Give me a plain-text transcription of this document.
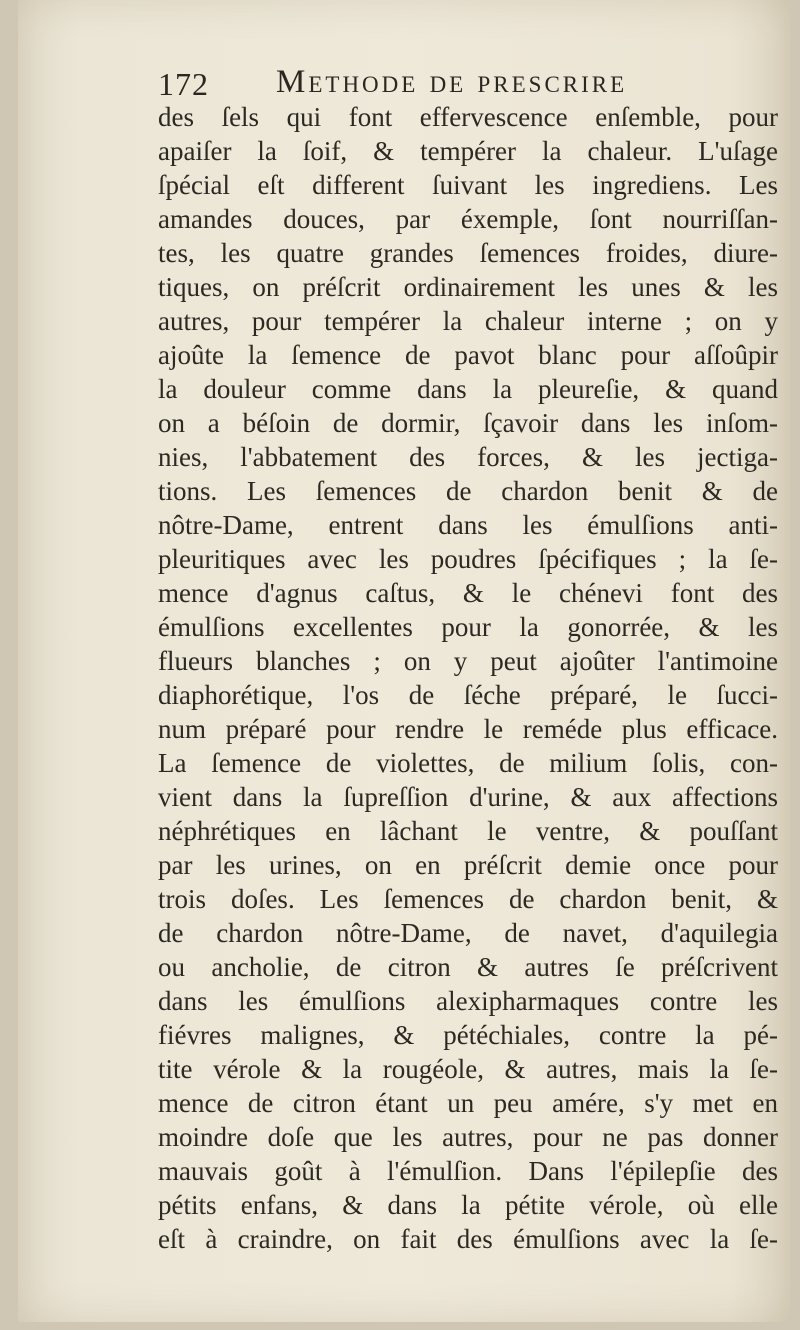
172 Methode de prescrire
des ſels qui font effervescence enſemble, pour
apaiſer la ſoif, & tempérer la chaleur. L'uſage
ſpécial eſt different ſuivant les ingrediens. Les
amandes douces, par éxemple, ſont nourriſſan-
tes, les quatre grandes ſemences froides, diure-
tiques, on préſcrit ordinairement les unes & les
autres, pour tempérer la chaleur interne ; on y
ajoûte la ſemence de pavot blanc pour aſſoûpir
la douleur comme dans la pleureſie, & quand
on a béſoin de dormir, ſçavoir dans les inſom-
nies, l'abbatement des forces, & les jectiga-
tions. Les ſemences de chardon benit & de
nôtre-Dame, entrent dans les émulſions anti-
pleuritiques avec les poudres ſpécifiques ; la ſe-
mence d'agnus caſtus, & le chénevi font des
émulſions excellentes pour la gonorrée, & les
flueurs blanches ; on y peut ajoûter l'antimoine
diaphorétique, l'os de ſéche préparé, le ſucci-
num préparé pour rendre le reméde plus efficace.
La ſemence de violettes, de milium ſolis, con-
vient dans la ſupreſſion d'urine, & aux affections
néphrétiques en lâchant le ventre, & pouſſant
par les urines, on en préſcrit demie once pour
trois doſes. Les ſemences de chardon benit, &
de chardon nôtre-Dame, de navet, d'aquilegia
ou ancholie, de citron & autres ſe préſcrivent
dans les émulſions alexipharmaques contre les
fiévres malignes, & pétéchiales, contre la pé-
tite vérole & la rougéole, & autres, mais la ſe-
mence de citron étant un peu amére, s'y met en
moindre doſe que les autres, pour ne pas donner
mauvais goût à l'émulſion. Dans l'épilepſie des
pétits enfans, & dans la pétite vérole, où elle
eſt à craindre, on fait des émulſions avec la ſe-
